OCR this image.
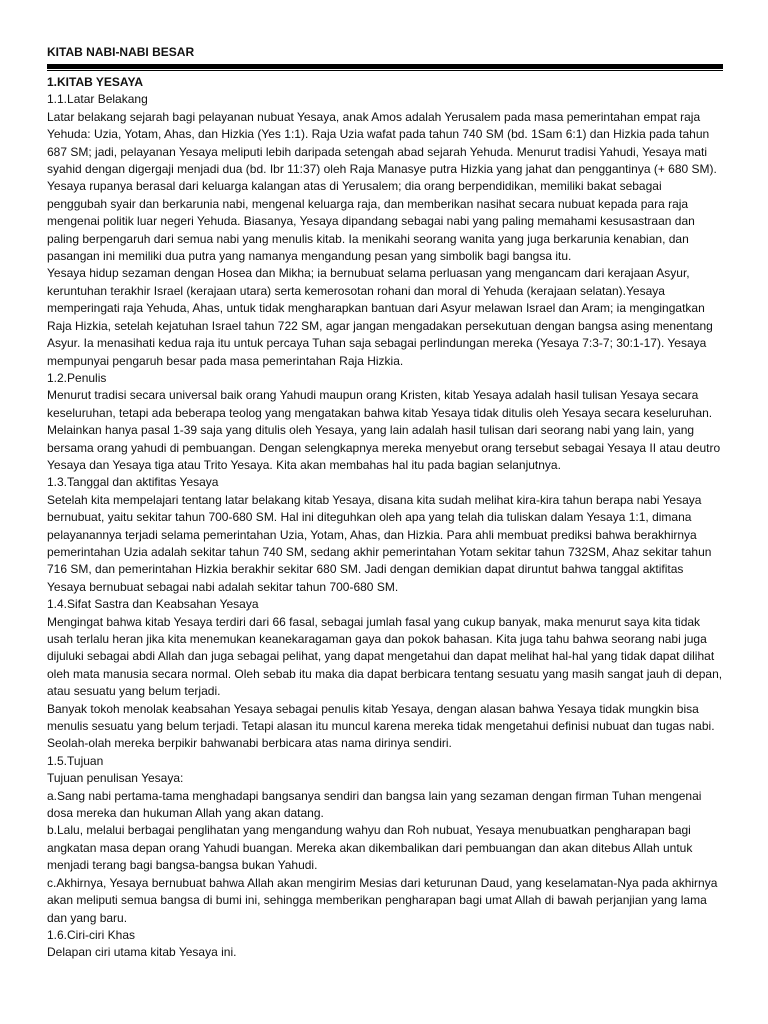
KITAB NABI-NABI BESAR
1.KITAB YESAYA
1.1.Latar Belakang
Latar belakang sejarah bagi pelayanan nubuat Yesaya, anak Amos adalah Yerusalem pada masa pemerintahan empat raja Yehuda: Uzia, Yotam, Ahas, dan Hizkia (Yes 1:1). Raja Uzia wafat pada tahun 740 SM (bd. 1Sam 6:1) dan Hizkia pada tahun 687 SM; jadi, pelayanan Yesaya meliputi lebih daripada setengah abad sejarah Yehuda. Menurut tradisi Yahudi, Yesaya mati syahid dengan digergaji menjadi dua (bd. Ibr 11:37) oleh Raja Manasye putra Hizkia yang jahat dan penggantinya (+ 680 SM). Yesaya rupanya berasal dari keluarga kalangan atas di Yerusalem; dia orang berpendidikan, memiliki bakat sebagai penggubah syair dan berkarunia nabi, mengenal keluarga raja, dan memberikan nasihat secara nubuat kepada para raja mengenai politik luar negeri Yehuda. Biasanya, Yesaya dipandang sebagai nabi yang paling memahami kesusastraan dan paling berpengaruh dari semua nabi yang menulis kitab. Ia menikahi seorang wanita yang juga berkarunia kenabian, dan pasangan ini memiliki dua putra yang namanya mengandung pesan yang simbolik bagi bangsa itu.
Yesaya hidup sezaman dengan Hosea dan Mikha; ia bernubuat selama perluasan yang mengancam dari kerajaan Asyur, keruntuhan terakhir Israel (kerajaan utara) serta kemerosotan rohani dan moral di Yehuda (kerajaan selatan).Yesaya memperingati raja Yehuda, Ahas, untuk tidak mengharapkan bantuan dari Asyur melawan Israel dan Aram; ia mengingatkan Raja Hizkia, setelah kejatuhan Israel tahun 722 SM, agar jangan mengadakan persekutuan dengan bangsa asing menentang Asyur. Ia menasihati kedua raja itu untuk percaya Tuhan saja sebagai perlindungan mereka (Yesaya 7:3-7; 30:1-17). Yesaya mempunyai pengaruh besar pada masa pemerintahan Raja Hizkia.
1.2.Penulis
Menurut tradisi secara universal baik orang Yahudi maupun orang Kristen, kitab Yesaya adalah hasil tulisan Yesaya secara keseluruhan, tetapi ada beberapa teolog yang mengatakan bahwa kitab Yesaya tidak ditulis oleh Yesaya secara keseluruhan. Melainkan hanya pasal 1-39 saja yang ditulis oleh Yesaya, yang lain adalah hasil tulisan dari seorang nabi yang lain, yang bersama orang yahudi di pembuangan. Dengan selengkapnya mereka menyebut orang tersebut sebagai Yesaya II atau deutro Yesaya dan Yesaya tiga atau Trito Yesaya. Kita akan membahas hal itu pada bagian selanjutnya.
1.3.Tanggal dan aktifitas Yesaya
Setelah kita mempelajari tentang latar belakang kitab Yesaya, disana kita sudah melihat kira-kira tahun berapa nabi Yesaya bernubuat, yaitu sekitar tahun 700-680 SM. Hal ini diteguhkan oleh apa yang telah dia tuliskan dalam Yesaya 1:1, dimana pelayanannya terjadi selama pemerintahan Uzia, Yotam, Ahas, dan Hizkia. Para ahli membuat prediksi bahwa berakhirnya pemerintahan Uzia adalah sekitar tahun 740 SM, sedang akhir pemerintahan Yotam sekitar tahun 732SM, Ahaz sekitar tahun 716 SM, dan pemerintahan Hizkia berakhir sekitar 680 SM. Jadi dengan demikian dapat diruntut bahwa tanggal aktifitas Yesaya bernubuat sebagai nabi adalah sekitar tahun 700-680 SM.
1.4.Sifat Sastra dan Keabsahan Yesaya
Mengingat bahwa kitab Yesaya terdiri dari 66 fasal, sebagai jumlah fasal yang cukup banyak, maka menurut saya kita tidak usah terlalu heran jika kita menemukan keanekaragaman gaya dan pokok bahasan. Kita juga tahu bahwa seorang nabi juga dijuluki sebagai abdi Allah dan juga sebagai pelihat, yang dapat mengetahui dan dapat melihat hal-hal yang tidak dapat dilihat oleh mata manusia secara normal. Oleh sebab itu maka dia dapat berbicara tentang sesuatu yang masih sangat jauh di depan, atau sesuatu yang belum terjadi.
Banyak tokoh menolak keabsahan Yesaya sebagai penulis kitab Yesaya, dengan alasan bahwa Yesaya tidak mungkin bisa menulis sesuatu yang belum terjadi. Tetapi alasan itu muncul karena mereka tidak mengetahui definisi nubuat dan tugas nabi. Seolah-olah mereka berpikir bahwanabi berbicara atas nama dirinya sendiri.
1.5.Tujuan
Tujuan penulisan Yesaya:
a.Sang nabi pertama-tama menghadapi bangsanya sendiri dan bangsa lain yang sezaman dengan firman Tuhan mengenai dosa mereka dan hukuman Allah yang akan datang.
b.Lalu, melalui berbagai penglihatan yang mengandung wahyu dan Roh nubuat, Yesaya menubuatkan pengharapan bagi angkatan masa depan orang Yahudi buangan. Mereka akan dikembalikan dari pembuangan dan akan ditebus Allah untuk menjadi terang bagi bangsa-bangsa bukan Yahudi.
c.Akhirnya, Yesaya bernubuat bahwa Allah akan mengirim Mesias dari keturunan Daud, yang keselamatan-Nya pada akhirnya akan meliputi semua bangsa di bumi ini, sehingga memberikan pengharapan bagi umat Allah di bawah perjanjian yang lama dan yang baru.
1.6.Ciri-ciri Khas
Delapan ciri utama kitab Yesaya ini.
